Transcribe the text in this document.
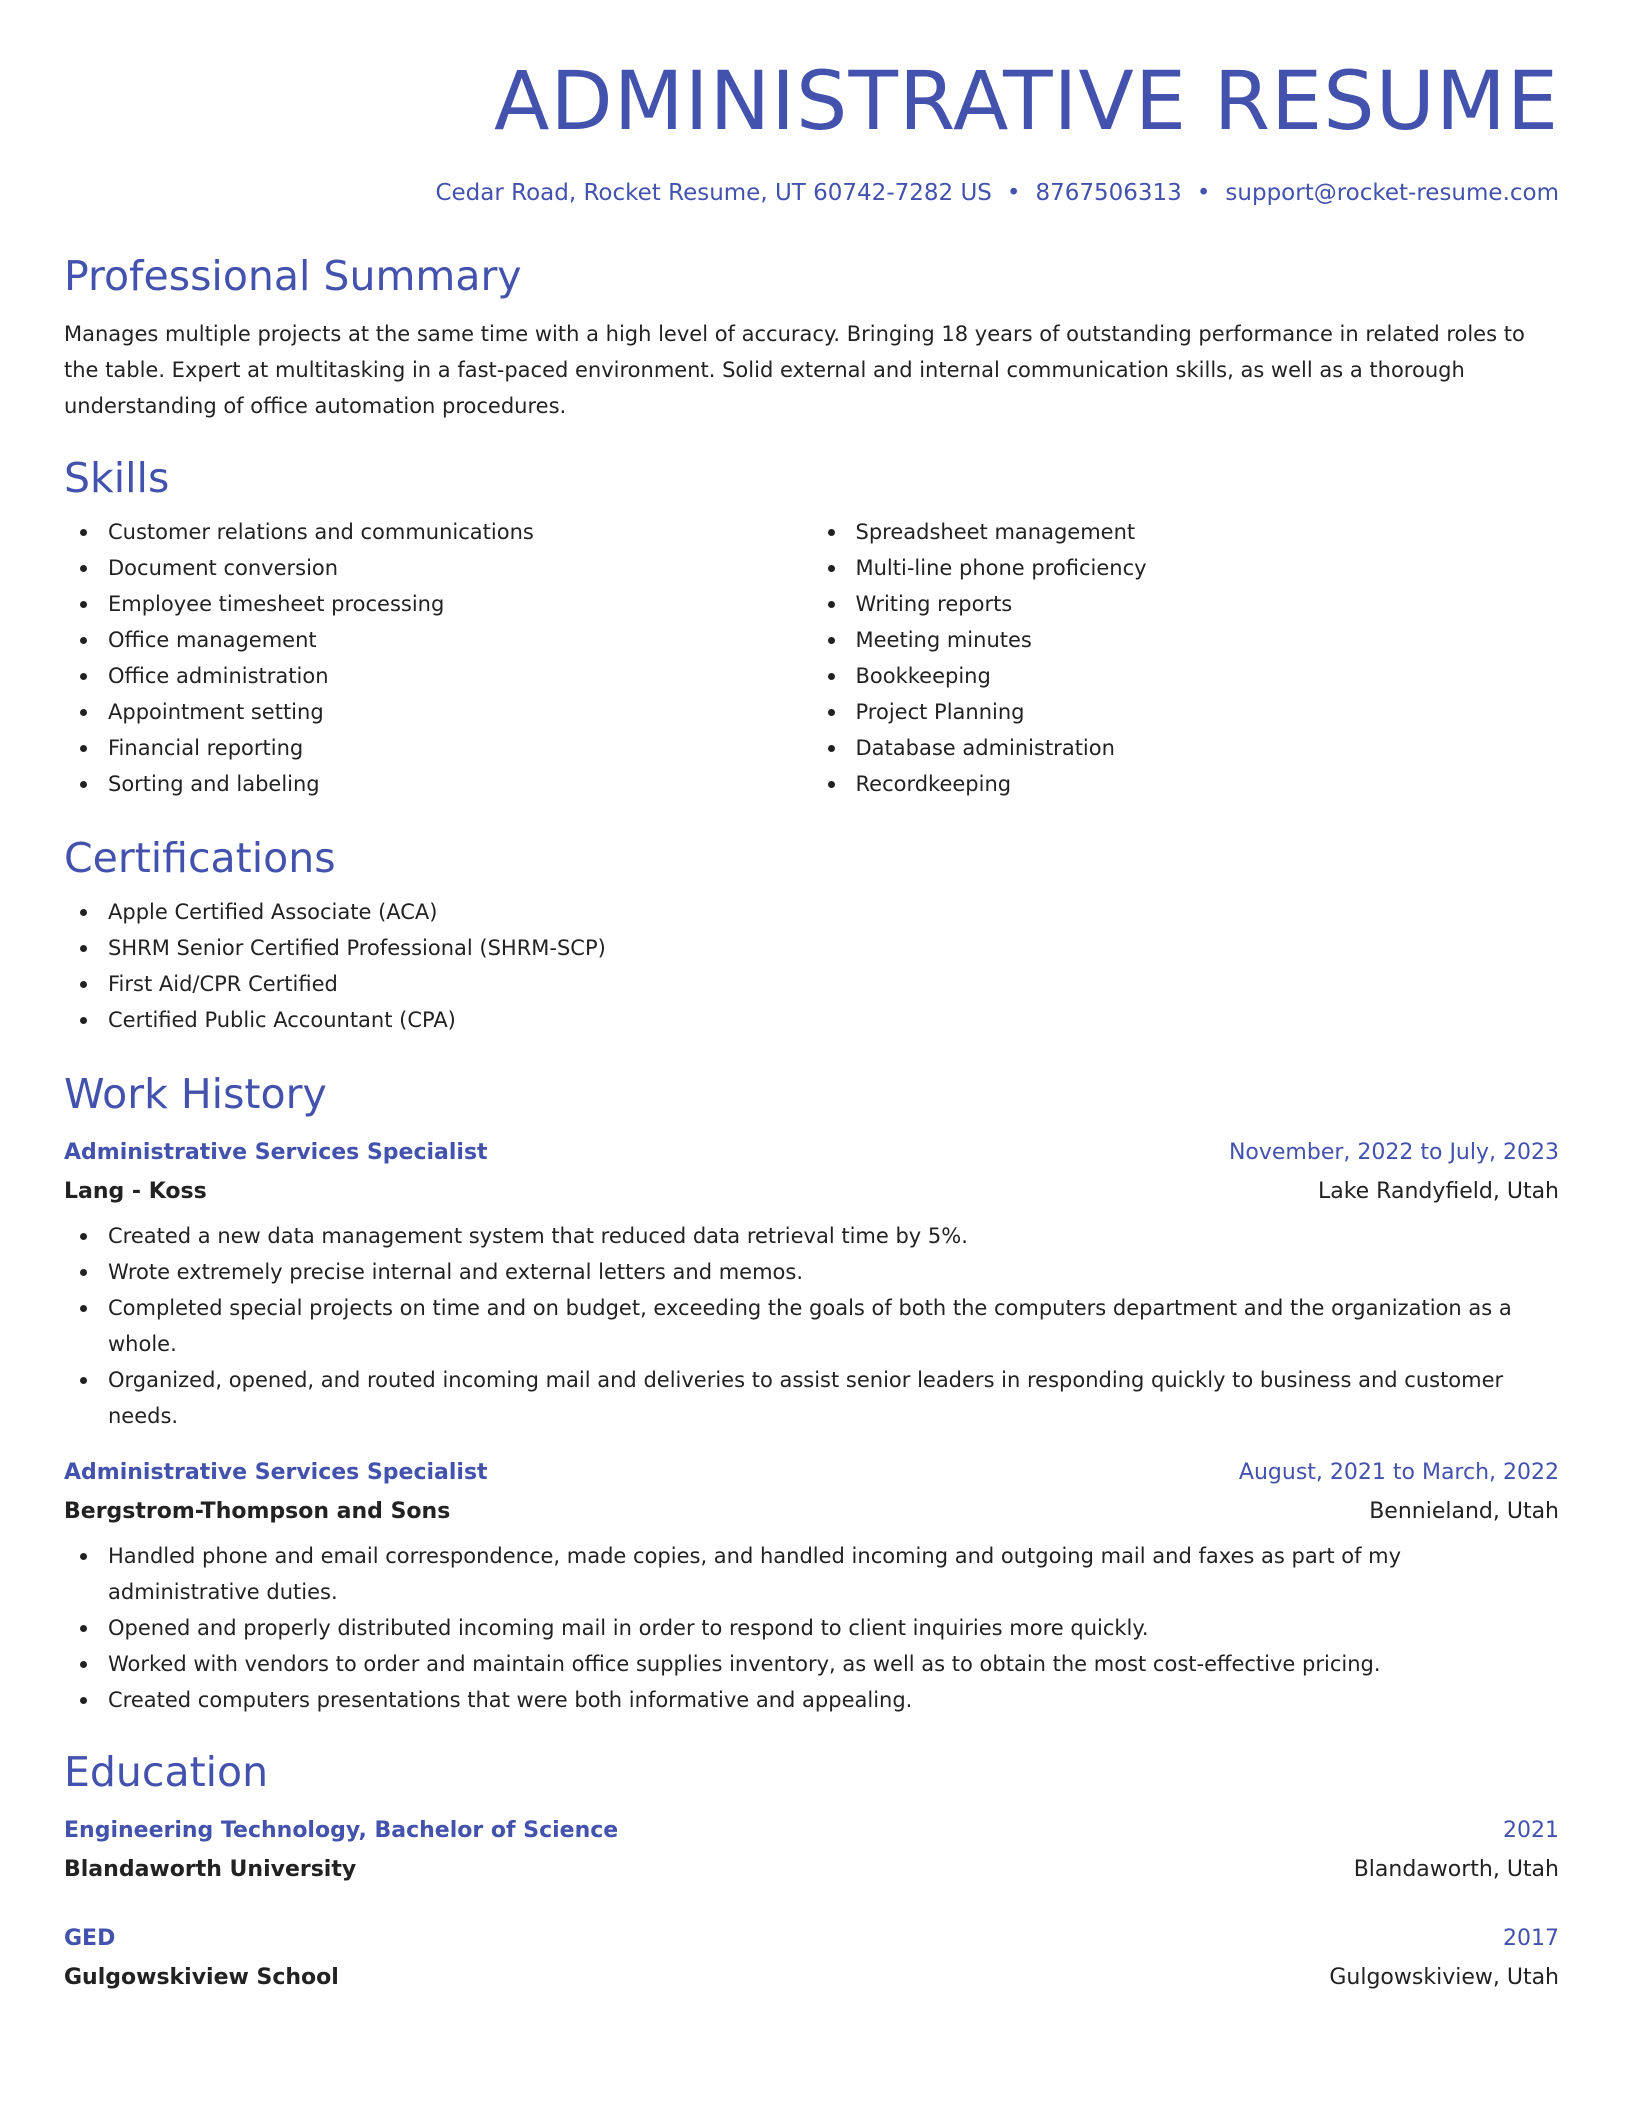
ADMINISTRATIVE RESUME
Cedar Road, Rocket Resume, UT 60742-7282 US • 8767506313 • support@rocket-resume.com
Professional Summary
Manages multiple projects at the same time with a high level of accuracy. Bringing 18 years of outstanding performance in related roles to the table. Expert at multitasking in a fast-paced environment. Solid external and internal communication skills, as well as a thorough understanding of office automation procedures.
Skills
Customer relations and communications
Document conversion
Employee timesheet processing
Office management
Office administration
Appointment setting
Financial reporting
Sorting and labeling
Spreadsheet management
Multi-line phone proficiency
Writing reports
Meeting minutes
Bookkeeping
Project Planning
Database administration
Recordkeeping
Certifications
Apple Certified Associate (ACA)
SHRM Senior Certified Professional (SHRM-SCP)
First Aid/CPR Certified
Certified Public Accountant (CPA)
Work History
Administrative Services Specialist	November, 2022 to July, 2023
Lang - Koss	Lake Randyfield, Utah
Created a new data management system that reduced data retrieval time by 5%.
Wrote extremely precise internal and external letters and memos.
Completed special projects on time and on budget, exceeding the goals of both the computers department and the organization as a whole.
Organized, opened, and routed incoming mail and deliveries to assist senior leaders in responding quickly to business and customer needs.
Administrative Services Specialist	August, 2021 to March, 2022
Bergstrom-Thompson and Sons	Bennieland, Utah
Handled phone and email correspondence, made copies, and handled incoming and outgoing mail and faxes as part of my administrative duties.
Opened and properly distributed incoming mail in order to respond to client inquiries more quickly.
Worked with vendors to order and maintain office supplies inventory, as well as to obtain the most cost-effective pricing.
Created computers presentations that were both informative and appealing.
Education
Engineering Technology, Bachelor of Science	2021
Blandaworth University	Blandaworth, Utah
GED	2017
Gulgowskiview School	Gulgowskiview, Utah
